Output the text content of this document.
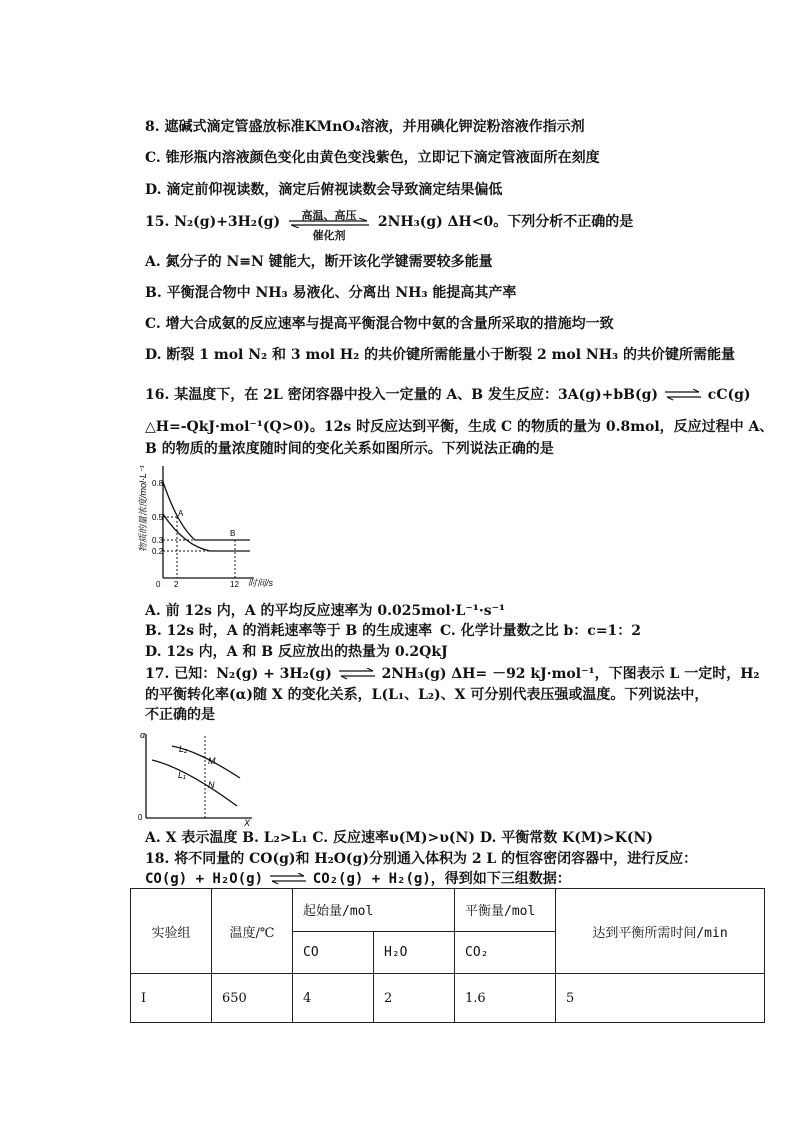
8. 遮碱式滴定管盛放标准KMnO₄溶液，并用碘化钾淀粉溶液作指示剂
C. 锥形瓶内溶液颜色变化由黄色变浅紫色，立即记下滴定管液面所在刻度
D. 滴定前仰视读数，滴定后俯视读数会导致滴定结果偏低
15. N₂(g)+3H₂(g)	高温、高压
催化剂
2NH₃(g) ΔH<0。下列分析不正确的是
A. 氮分子的 N≡N 键能大，断开该化学键需要较多能量
B. 平衡混合物中 NH₃ 易液化、分离出 NH₃ 能提高其产率
C. 增大合成氨的反应速率与提高平衡混合物中氨的含量所采取的措施均一致
D. 断裂 1 mol N₂ 和 3 mol H₂ 的共价键所需能量小于断裂 2 mol NH₃ 的共价键所需能量
16. 某温度下，在 2L 密闭容器中投入一定量的 A、B 发生反应：3A(g)+bB(g) ⇌ cC(g)
△H=-QkJ·mol⁻¹(Q>0)。12s 时反应达到平衡，生成 C 的物质的量为 0.8mol，反应过程中 A、
B 的物质的量浓度随时间的变化关系如图所示。下列说法正确的是
物质的量浓度/mol·L⁻¹ 0.8
0.5
0.3
0.2
A
B
0 2	12 时间/s
A. 前 12s 内，A 的平均反应速率为 0.025mol·L⁻¹·s⁻¹
B. 12s 时，A 的消耗速率等于 B 的生成速率 C. 化学计量数之比 b：c=1：2
D. 12s 内，A 和 B 反应放出的热量为 0.2QkJ
17. 已知：N₂(g) + 3H₂(g) ⇌ 2NH₃(g) ΔH= －92 kJ·mol⁻¹，下图表示 L 一定时，H₂
的平衡转化率(α)随 X 的变化关系，L(L₁、L₂)、X 可分别代表压强或温度。下列说法中，
不正确的是
α
L₂
L₁
M
N
0
X
A. X 表示温度 B. L₂>L₁ C. 反应速率υ(M)>υ(N) D. 平衡常数 K(M)>K(N)
18. 将不同量的 CO(g)和 H₂O(g)分别通入体积为 2 L 的恒容密闭容器中，进行反应：
CO(g) + H₂O(g) ⇌ CO₂(g) + H₂(g)，得到如下三组数据：
实验组	温度/℃	起始量/mol		平衡量/mol	达到平衡所需时间/min
		CO	H₂O	CO₂	
I	650	4	2	1.6	5
